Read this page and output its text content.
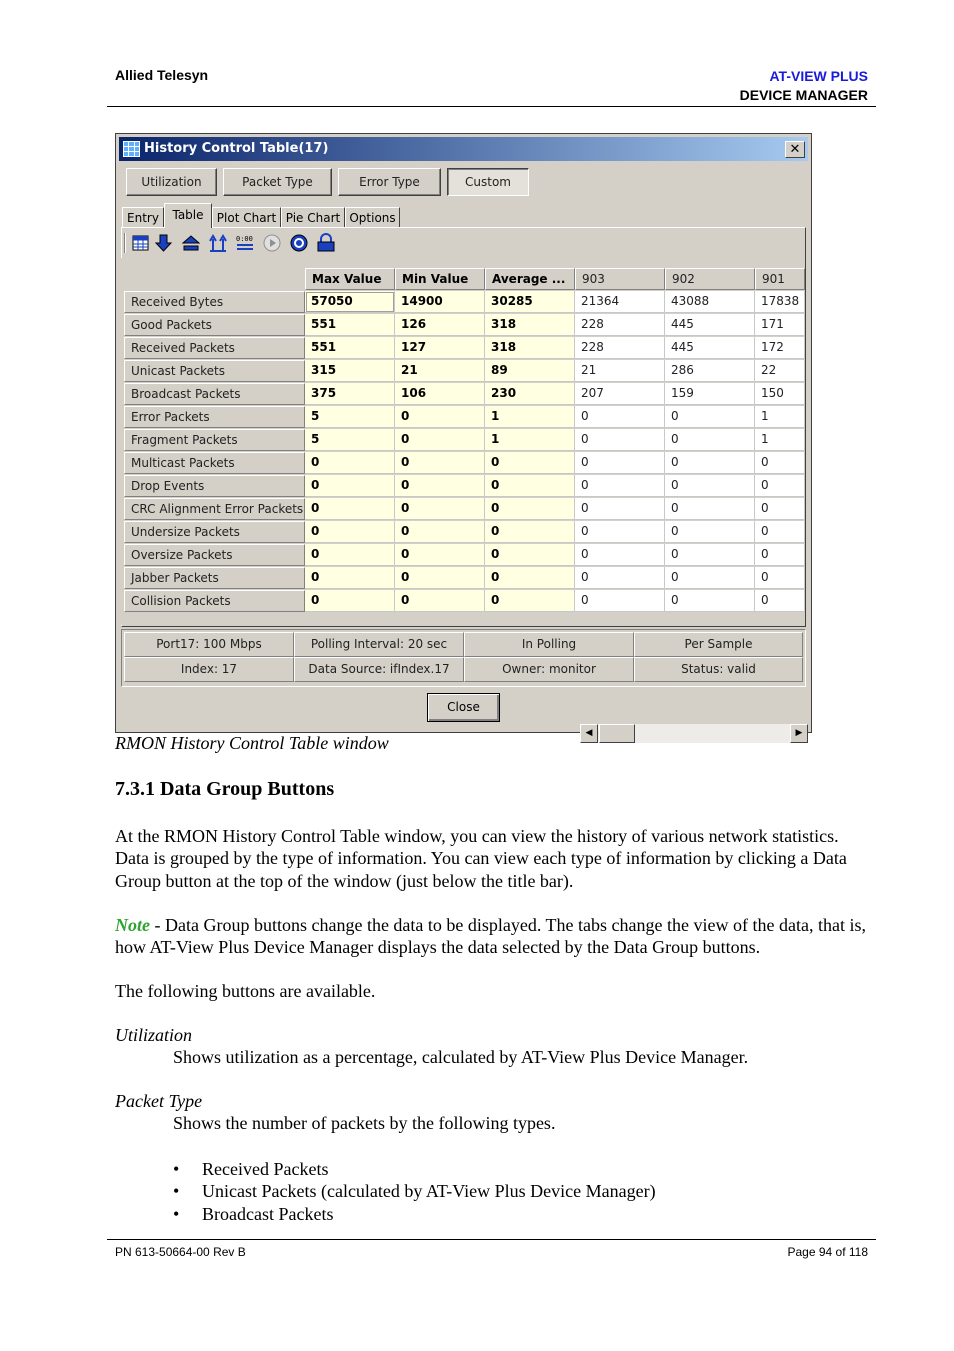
Allied Telesyn	AT-VIEW PLUS
DEVICE MANAGER
History Control Table(17)	✕
Utilization	Packet Type	Error Type	Custom
Entry	Table	Plot Chart Pie Chart Options
0:00
Max Value	Min Value	Average ...	903	902	901
Received Bytes	57050	14900	30285	21364	43088	17838
Good Packets	551	126	318	228	445	171
Received Packets	551	127	318	228	445	172
Unicast Packets	315	21	89	21	286	22
Broadcast Packets	375	106	230	207	159	150
Error Packets	5	0	1	0	0	1
Fragment Packets	5	0	1	0	0	1
Multicast Packets	0	0	0	0	0	0
Drop Events	0	0	0	0	0	0
CRC Alignment Error Packets 0	0	0	0	0	0
Undersize Packets	0	0	0	0	0	0
Oversize Packets	0	0	0	0	0	0
Jabber Packets	0	0	0	0	0	0
Collision Packets	0	0	0	0	0	0
◀	▶
Port17: 100 Mbps	Polling Interval: 20 sec	In Polling	Per Sample
Index: 17	Data Source: ifIndex.17	Owner: monitor	Status: valid
Close
RMON History Control Table window
7.3.1 Data Group Buttons
At the RMON History Control Table window, you can view the history of various network statistics. Data is grouped by the type of information. You can view each type of information by clicking a Data Group button at the top of the window (just below the title bar).
Note - Data Group buttons change the data to be displayed. The tabs change the view of the data, that is, how AT-View Plus Device Manager displays the data selected by the Data Group buttons.
The following buttons are available.
Utilization
Shows utilization as a percentage, calculated by AT-View Plus Device Manager.
Packet Type
Shows the number of packets by the following types.
• Received Packets
• Unicast Packets (calculated by AT-View Plus Device Manager)
• Broadcast Packets
PN 613-50664-00 Rev B	Page 94 of 118
